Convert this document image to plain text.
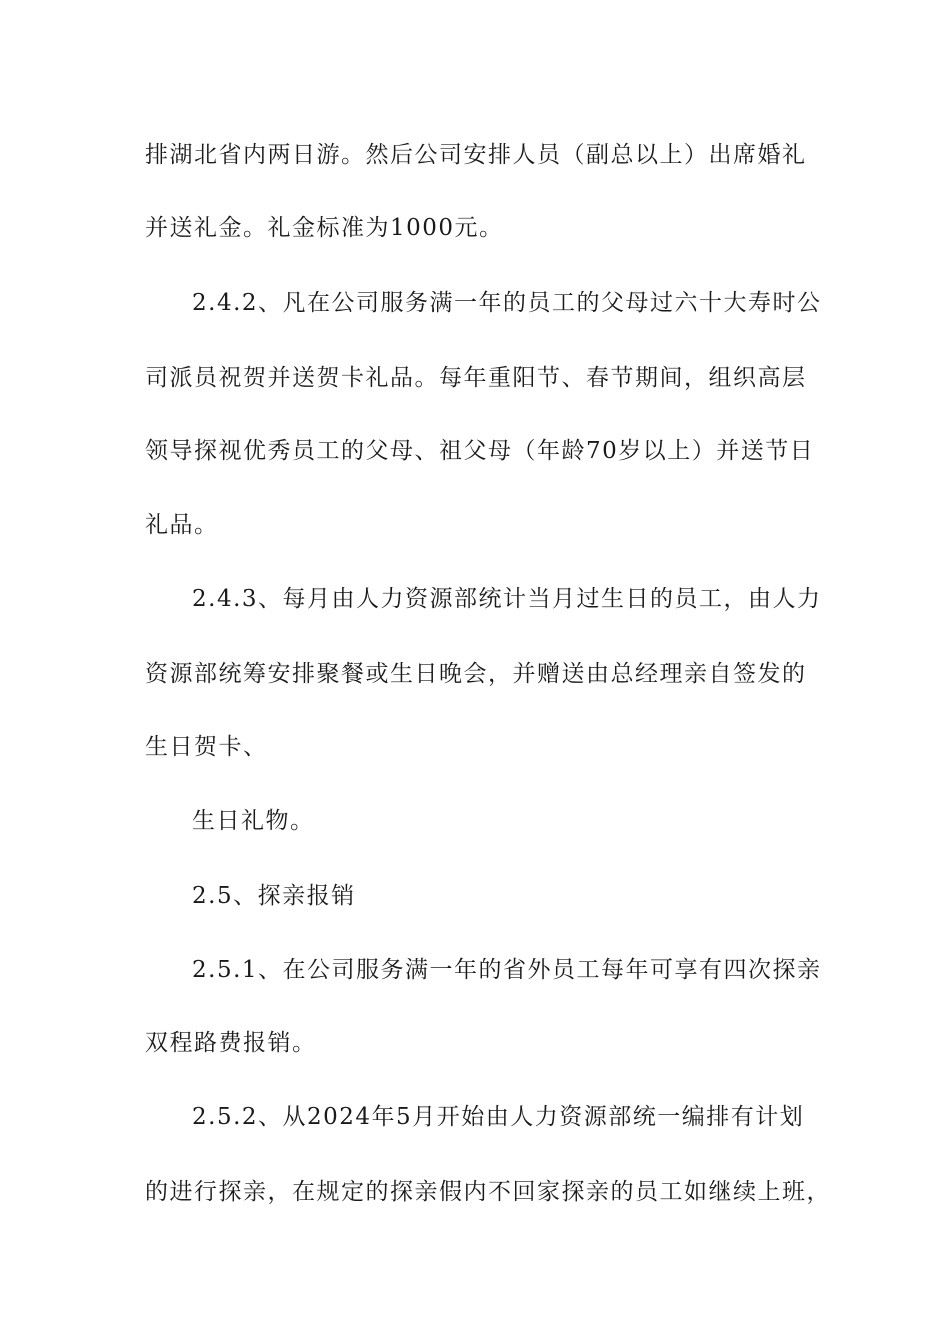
排湖北省内两日游。然后公司安排人员（副总以上）出席婚礼
并送礼金。礼金标准为1000元。
2.4.2、凡在公司服务满一年的员工的父母过六十大寿时公
司派员祝贺并送贺卡礼品。每年重阳节、春节期间，组织高层
领导探视优秀员工的父母、祖父母（年龄70岁以上）并送节日
礼品。
2.4.3、每月由人力资源部统计当月过生日的员工，由人力
资源部统筹安排聚餐或生日晚会，并赠送由总经理亲自签发的
生日贺卡、
生日礼物。
2.5、探亲报销
2.5.1、在公司服务满一年的省外员工每年可享有四次探亲
双程路费报销。
2.5.2、从2024年5月开始由人力资源部统一编排有计划
的进行探亲，在规定的探亲假内不回家探亲的员工如继续上班，
